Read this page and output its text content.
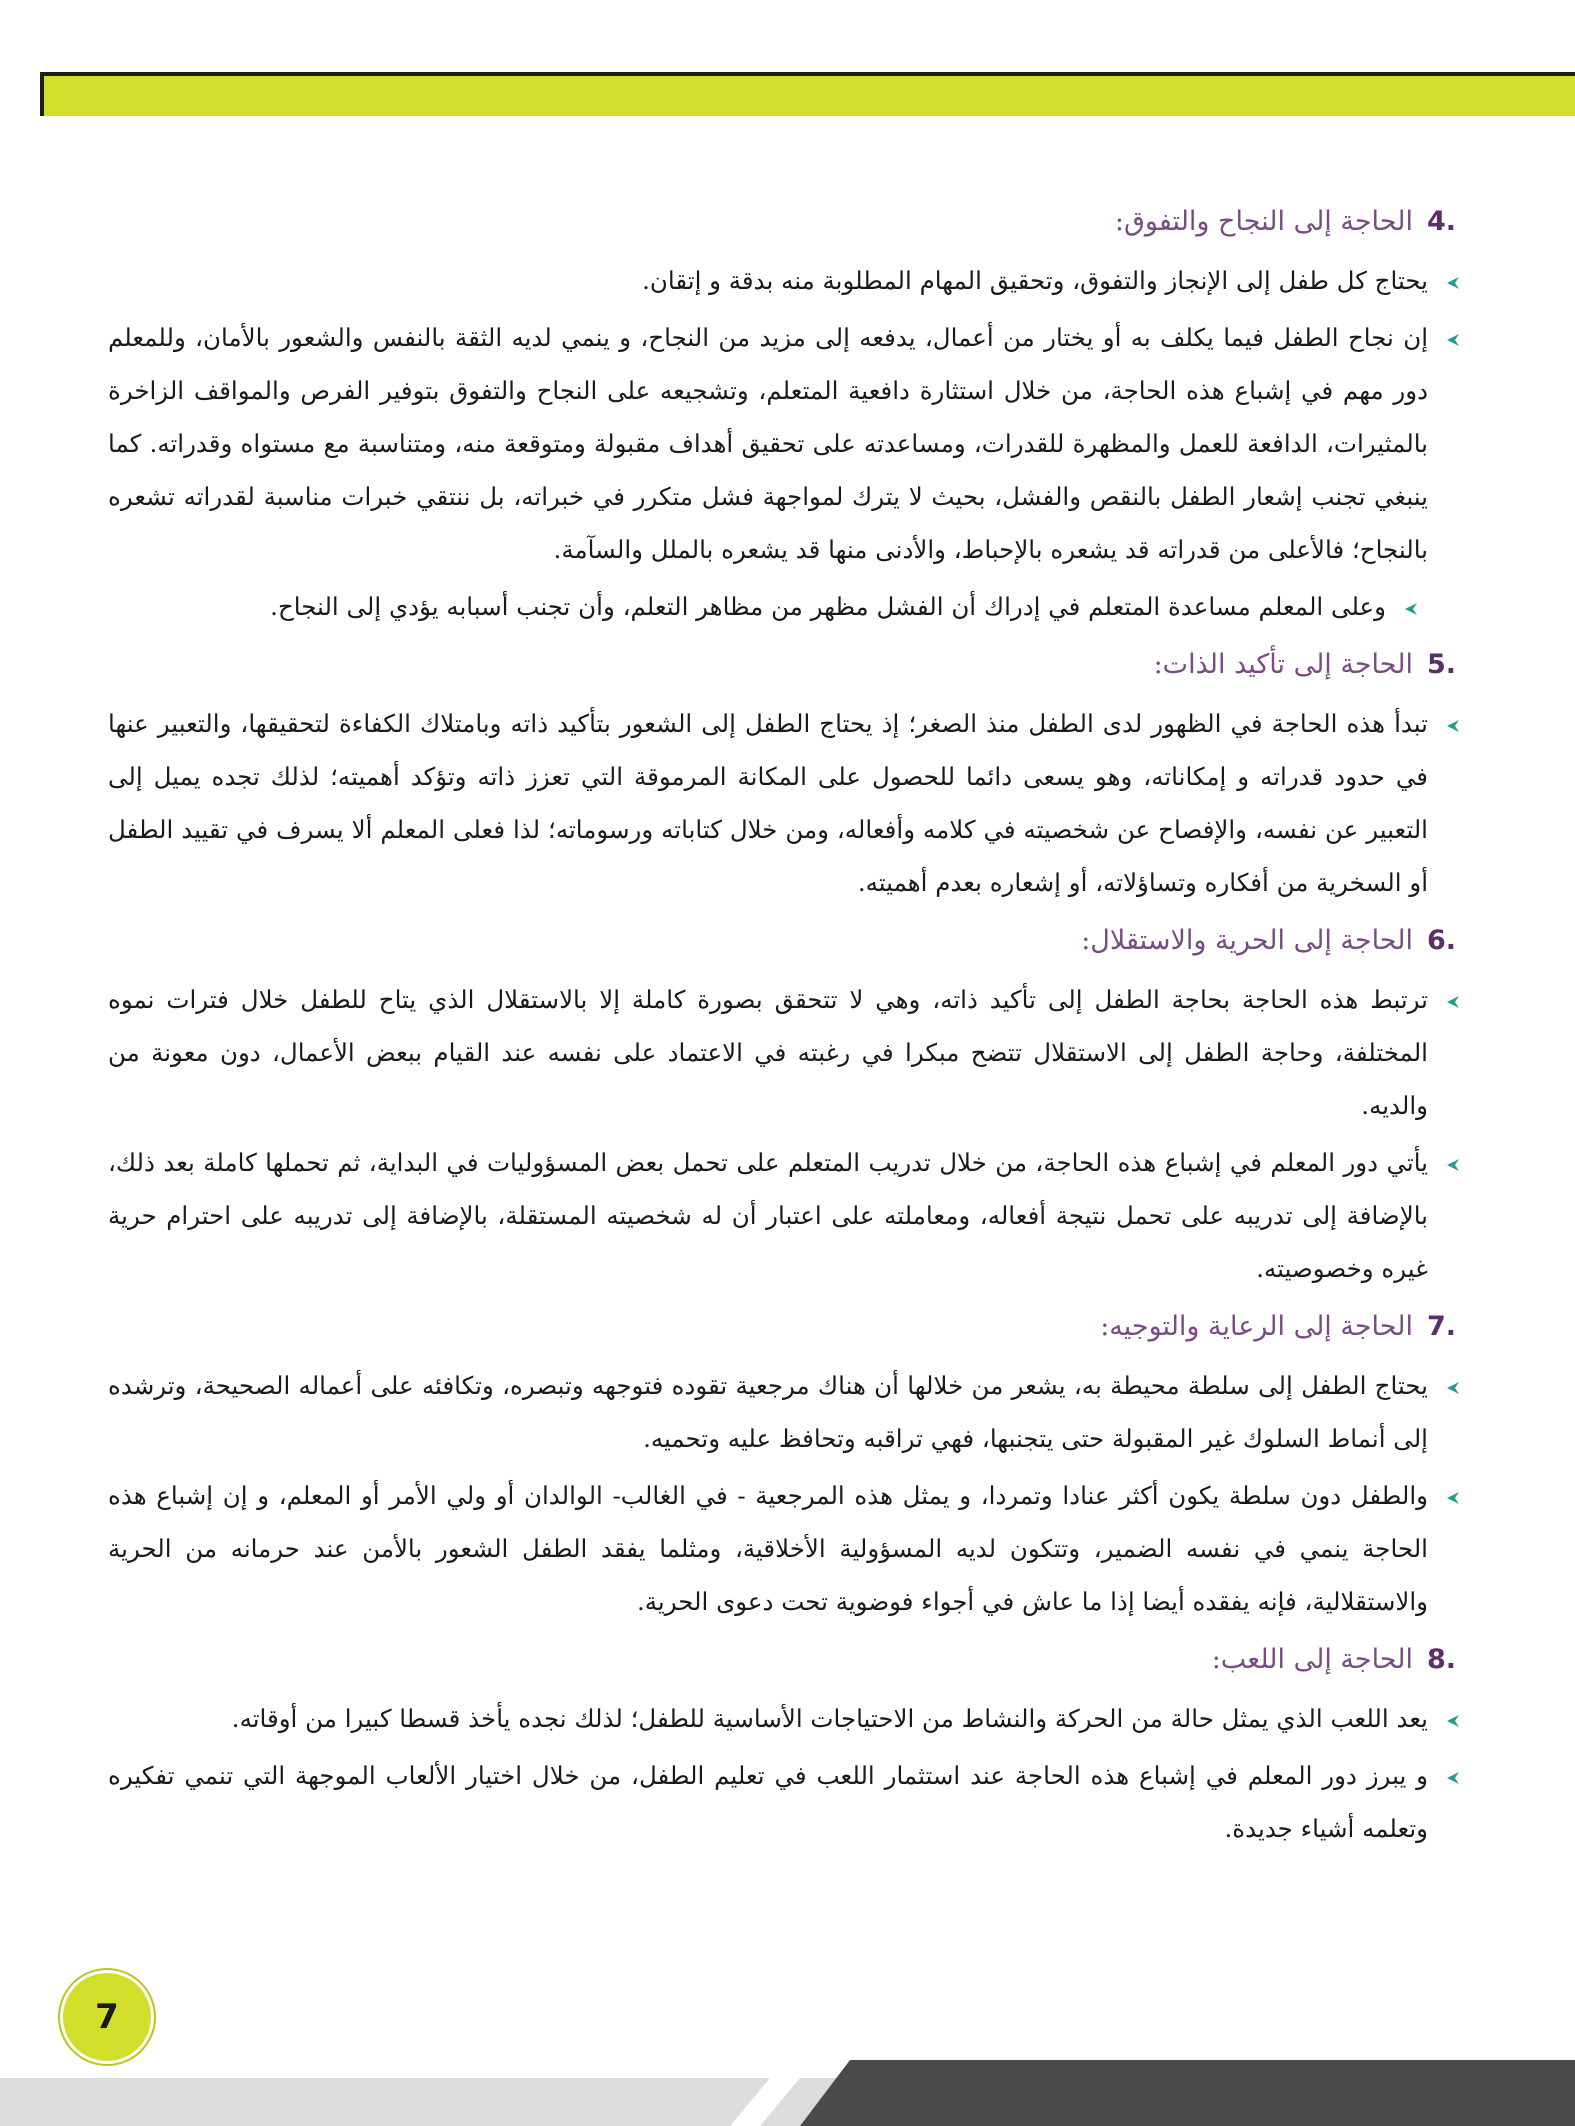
4.
الحاجة إلى النجاح والتفوق:
يحتاج كل طفل إلى الإنجاز والتفوق، وتحقيق المهام المطلوبة منه بدقة و إتقان.
إن نجاح الطفل فيما يكلف به أو يختار من أعمال، يدفعه إلى مزيد من النجاح، و ينمي لديه الثقة بالنفس والشعور بالأمان، وللمعلم دور مهم في إشباع هذه الحاجة، من خلال استثارة دافعية المتعلم، وتشجيعه على النجاح والتفوق بتوفير الفرص والمواقف الزاخرة بالمثيرات، الدافعة للعمل والمظهرة للقدرات، ومساعدته على تحقيق أهداف مقبولة ومتوقعة منه، ومتناسبة مع مستواه وقدراته. كما ينبغي تجنب إشعار الطفل بالنقص والفشل، بحيث لا يترك لمواجهة فشل متكرر في خبراته، بل ننتقي خبرات مناسبة لقدراته تشعره بالنجاح؛ فالأعلى من قدراته قد يشعره بالإحباط، والأدنى منها قد يشعره بالملل والسآمة.
وعلى المعلم مساعدة المتعلم في إدراك أن الفشل مظهر من مظاهر التعلم، وأن تجنب أسبابه يؤدي إلى النجاح.
5.
الحاجة إلى تأكيد الذات:
تبدأ هذه الحاجة في الظهور لدى الطفل منذ الصغر؛ إذ يحتاج الطفل إلى الشعور بتأكيد ذاته وبامتلاك الكفاءة لتحقيقها، والتعبير عنها في حدود قدراته و إمكاناته، وهو يسعى دائما للحصول على المكانة المرموقة التي تعزز ذاته وتؤكد أهميته؛ لذلك تجده يميل إلى التعبير عن نفسه، والإفصاح عن شخصيته في كلامه وأفعاله، ومن خلال كتاباته ورسوماته؛ لذا فعلى المعلم ألا يسرف في تقييد الطفل أو السخرية من أفكاره وتساؤلاته، أو إشعاره بعدم أهميته.
6.
الحاجة إلى الحرية والاستقلال:
ترتبط هذه الحاجة بحاجة الطفل إلى تأكيد ذاته، وهي لا تتحقق بصورة كاملة إلا بالاستقلال الذي يتاح للطفل خلال فترات نموه المختلفة، وحاجة الطفل إلى الاستقلال تتضح مبكرا في رغبته في الاعتماد على نفسه عند القيام ببعض الأعمال، دون معونة من والديه.
يأتي دور المعلم في إشباع هذه الحاجة، من خلال تدريب المتعلم على تحمل بعض المسؤوليات في البداية، ثم تحملها كاملة بعد ذلك، بالإضافة إلى تدريبه على تحمل نتيجة أفعاله، ومعاملته على اعتبار أن له شخصيته المستقلة، بالإضافة إلى تدريبه على احترام حرية غيره وخصوصيته.
7.
الحاجة إلى الرعاية والتوجيه:
يحتاج الطفل إلى سلطة محيطة به، يشعر من خلالها أن هناك مرجعية تقوده فتوجهه وتبصره، وتكافئه على أعماله الصحيحة، وترشده إلى أنماط السلوك غير المقبولة حتى يتجنبها، فهي تراقبه وتحافظ عليه وتحميه.
والطفل دون سلطة يكون أكثر عنادا وتمردا، و يمثل هذه المرجعية - في الغالب- الوالدان أو ولي الأمر أو المعلم، و إن إشباع هذه الحاجة ينمي في نفسه الضمير، وتتكون لديه المسؤولية الأخلاقية، ومثلما يفقد الطفل الشعور بالأمن عند حرمانه من الحرية والاستقلالية، فإنه يفقده أيضا إذا ما عاش في أجواء فوضوية تحت دعوى الحرية.
8.
الحاجة إلى اللعب:
يعد اللعب الذي يمثل حالة من الحركة والنشاط من الاحتياجات الأساسية للطفل؛ لذلك نجده يأخذ قسطا كبيرا من أوقاته.
و يبرز دور المعلم في إشباع هذه الحاجة عند استثمار اللعب في تعليم الطفل، من خلال اختيار الألعاب الموجهة التي تنمي تفكيره وتعلمه أشياء جديدة.
7
